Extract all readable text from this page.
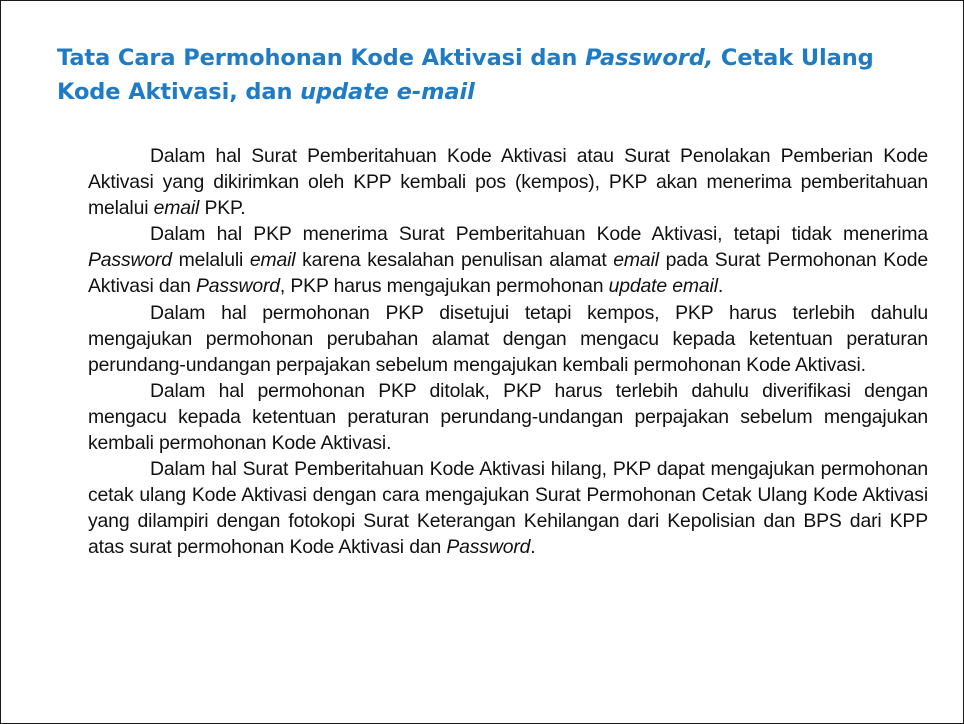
Tata Cara Permohonan Kode Aktivasi dan Password, Cetak Ulang Kode Aktivasi, dan update e-mail

Dalam hal Surat Pemberitahuan Kode Aktivasi atau Surat Penolakan Pemberian Kode Aktivasi yang dikirimkan oleh KPP kembali pos (kempos), PKP akan menerima pemberitahuan melalui email PKP.

Dalam hal PKP menerima Surat Pemberitahuan Kode Aktivasi, tetapi tidak menerima Password melaluli email karena kesalahan penulisan alamat email pada Surat Permohonan Kode Aktivasi dan Password, PKP harus mengajukan permohonan update email.

Dalam hal permohonan PKP disetujui tetapi kempos, PKP harus terlebih dahulu mengajukan permohonan perubahan alamat dengan mengacu kepada ketentuan peraturan perundang-undangan perpajakan sebelum mengajukan kembali permohonan Kode Aktivasi.

Dalam hal permohonan PKP ditolak, PKP harus terlebih dahulu diverifikasi dengan mengacu kepada ketentuan peraturan perundang-undangan perpajakan sebelum mengajukan kembali permohonan Kode Aktivasi.

Dalam hal Surat Pemberitahuan Kode Aktivasi hilang, PKP dapat mengajukan permohonan cetak ulang Kode Aktivasi dengan cara mengajukan Surat Permohonan Cetak Ulang Kode Aktivasi yang dilampiri dengan fotokopi Surat Keterangan Kehilangan dari Kepolisian dan BPS dari KPP atas surat permohonan Kode Aktivasi dan Password.
